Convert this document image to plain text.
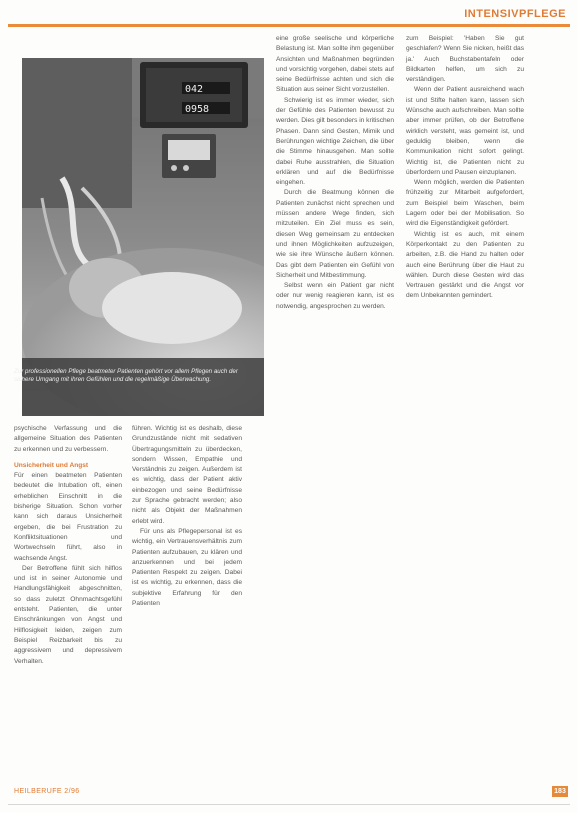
INTENSIVPFLEGE
042
0958
Zur professionellen Pflege beatmeter Patienten gehört vor allem Pflegen auch der sichere Umgang mit ihren Gefühlen und die regelmäßige Überwachung.

psychische Verfassung und die allgemeine Situation des Patienten zu erkennen und zu verbessern.

Unsicherheit und Angst

Für einen beatmeten Patienten bedeutet die Intubation oft, einen erheblichen Einschnitt in die bisherige Situation. Schon vorher kann sich daraus Unsicherheit ergeben, die bei Frustration zu Konfliktsituationen und Wortwechseln führt, also in wachsende Angst.

Der Betroffene fühlt sich hilflos und ist in seiner Autonomie und Handlungsfähigkeit abgeschnitten, so dass zuletzt Ohnmachtsgefühl entsteht. Patienten, die unter Einschränkungen von Angst und Hilflosigkeit leiden, zeigen zum Beispiel Reizbarkeit bis zu aggressivem und depressivem Verhalten.

führen. Wichtig ist es deshalb, diese Grundzustände nicht mit sedativen Übertragungsmitteln zu überdecken, sondern Wissen, Empathie und Verständnis zu zeigen. Außerdem ist es wichtig, dass der Patient aktiv einbezogen und seine Bedürfnisse zur Sprache gebracht werden; also nicht als Objekt der Maßnahmen erlebt wird.

Für uns als Pflegepersonal ist es wichtig, ein Vertrauensverhältnis zum Patienten aufzubauen, zu klären und anzuerkennen und bei jedem Patienten Respekt zu zeigen. Dabei ist es wichtig, zu erkennen, dass die subjektive Erfahrung für den Patienten

eine große seelische und körperliche Belastung ist. Man sollte ihm gegenüber Ansichten und Maßnahmen begründen und vorsichtig vorgehen, dabei stets auf seine Bedürfnisse achten und sich die Situation aus seiner Sicht vorzustellen.

Schwierig ist es immer wieder, sich der Gefühle des Patienten bewusst zu werden. Dies gilt besonders in kritischen Phasen. Dann sind Gesten, Mimik und Berührungen wichtige Zeichen, die über die Stimme hinausgehen. Man sollte dabei Ruhe ausstrahlen, die Situation erklären und auf die Bedürfnisse eingehen.

Durch die Beatmung können die Patienten zunächst nicht sprechen und müssen andere Wege finden, sich mitzuteilen. Ein Ziel muss es sein, diesen Weg gemeinsam zu entdecken und ihnen Möglichkeiten aufzuzeigen, wie sie ihre Wünsche äußern können. Das gibt dem Patienten ein Gefühl von Sicherheit und Mitbestimmung.

Selbst wenn ein Patient gar nicht oder nur wenig reagieren kann, ist es notwendig, angesprochen zu werden.

zum Beispiel: 'Haben Sie gut geschlafen? Wenn Sie nicken, heißt das ja.' Auch Buchstabentafeln oder Bildkarten helfen, um sich zu verständigen.

Wenn der Patient ausreichend wach ist und Stifte halten kann, lassen sich Wünsche auch aufschreiben. Man sollte aber immer prüfen, ob der Betroffene wirklich versteht, was gemeint ist, und geduldig bleiben, wenn die Kommunikation nicht sofort gelingt. Wichtig ist, die Patienten nicht zu überfordern und Pausen einzuplanen.

Wenn möglich, werden die Patienten frühzeitig zur Mitarbeit aufgefordert, zum Beispiel beim Waschen, beim Lagern oder bei der Mobilisation. So wird die Eigenständigkeit gefördert.

Wichtig ist es auch, mit einem Körperkontakt zu den Patienten zu arbeiten, z.B. die Hand zu halten oder auch eine Berührung über die Haut zu wählen. Durch diese Gesten wird das Vertrauen gestärkt und die Angst vor dem Unbekannten gemindert.

HEILBERUFE 2/96	183
